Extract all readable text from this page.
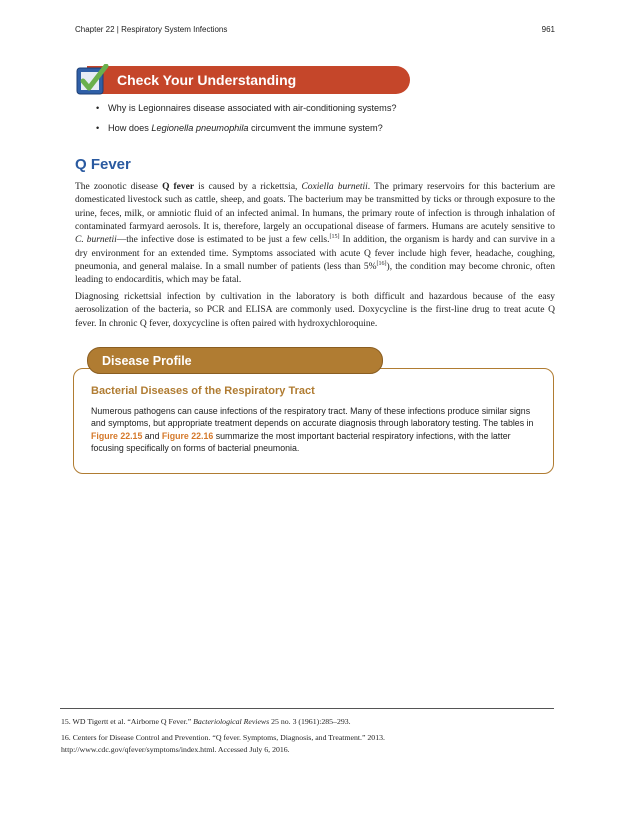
Chapter 22 | Respiratory System Infections	961
Check Your Understanding
• Why is Legionnaires disease associated with air-conditioning systems?
• How does Legionella pneumophila circumvent the immune system?
Q Fever
The zoonotic disease Q fever is caused by a rickettsia, Coxiella burnetii. The primary reservoirs for this bacterium are domesticated livestock such as cattle, sheep, and goats. The bacterium may be transmitted by ticks or through exposure to the urine, feces, milk, or amniotic fluid of an infected animal. In humans, the primary route of infection is through inhalation of contaminated farmyard aerosols. It is, therefore, largely an occupational disease of farmers. Humans are acutely sensitive to C. burnetii—the infective dose is estimated to be just a few cells.[15] In addition, the organism is hardy and can survive in a dry environment for an extended time. Symptoms associated with acute Q fever include high fever, headache, coughing, pneumonia, and general malaise. In a small number of patients (less than 5%[16]), the condition may become chronic, often leading to endocarditis, which may be fatal.
Diagnosing rickettsial infection by cultivation in the laboratory is both difficult and hazardous because of the easy aerosolization of the bacteria, so PCR and ELISA are commonly used. Doxycycline is the first-line drug to treat acute Q fever. In chronic Q fever, doxycycline is often paired with hydroxychloroquine.
Disease Profile
Bacterial Diseases of the Respiratory Tract
Numerous pathogens can cause infections of the respiratory tract. Many of these infections produce similar signs and symptoms, but appropriate treatment depends on accurate diagnosis through laboratory testing. The tables in Figure 22.15 and Figure 22.16 summarize the most important bacterial respiratory infections, with the latter focusing specifically on forms of bacterial pneumonia.
15. WD Tigertt et al. “Airborne Q Fever.” Bacteriological Reviews 25 no. 3 (1961):285–293.
16. Centers for Disease Control and Prevention. “Q fever. Symptoms, Diagnosis, and Treatment.” 2013. http://www.cdc.gov/qfever/symptoms/index.html. Accessed July 6, 2016.
